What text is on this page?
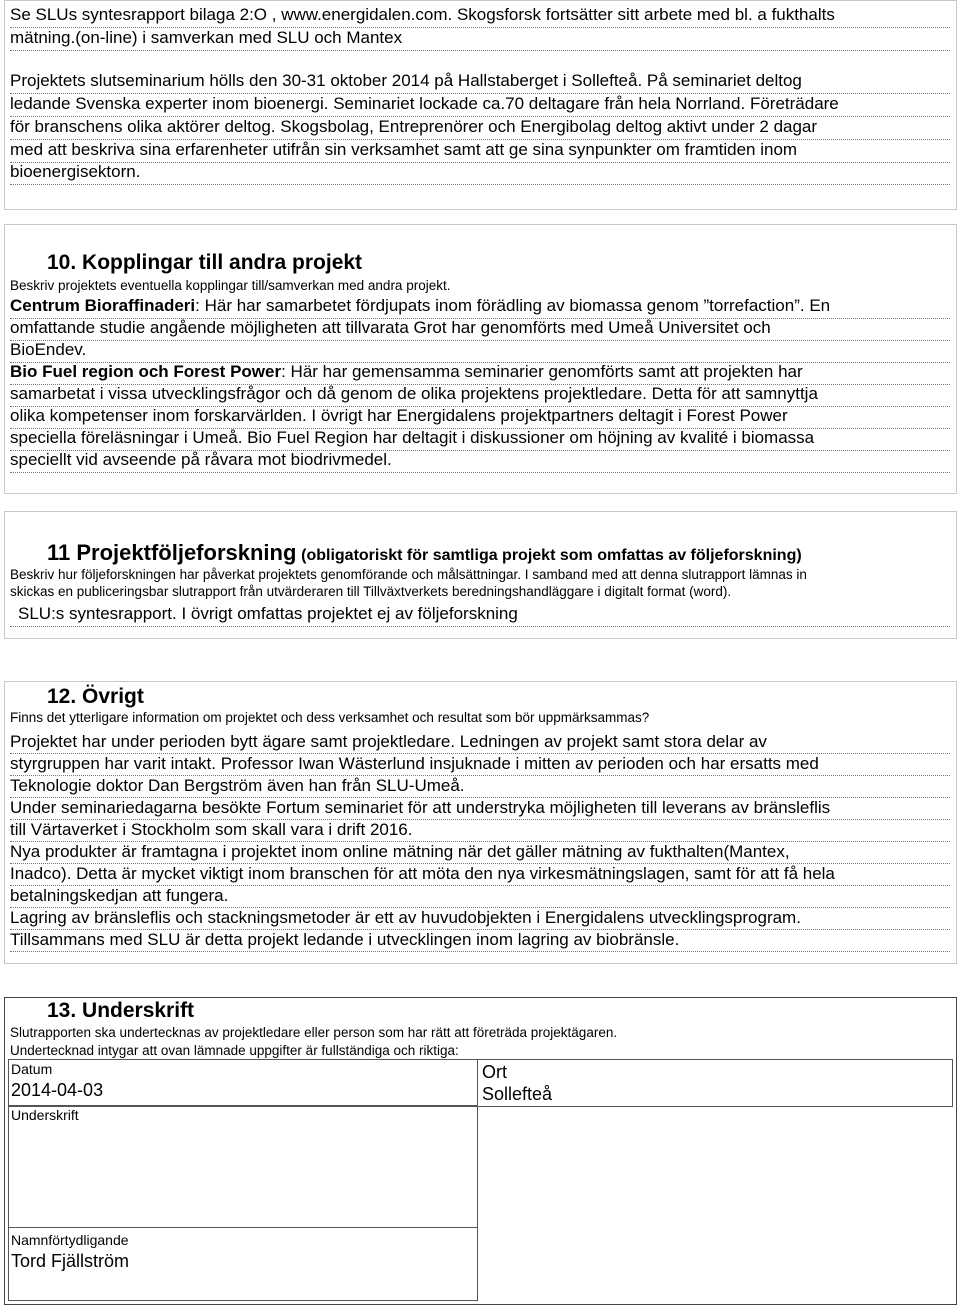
Se SLUs syntesrapport bilaga 2:O , www.energidalen.com. Skogsforsk fortsätter sitt arbete med bl. a fukthalts
mätning.(on-line) i samverkan med SLU och Mantex
Projektets slutseminarium hölls den 30-31 oktober 2014 på Hallstaberget i Sollefteå. På seminariet deltog
ledande Svenska experter inom bioenergi. Seminariet lockade ca.70 deltagare från hela Norrland. Företrädare
för branschens olika aktörer deltog. Skogsbolag, Entreprenörer och Energibolag deltog aktivt under 2 dagar
med att beskriva sina erfarenheter utifrån sin verksamhet samt att ge sina synpunkter om framtiden inom
bioenergisektorn.
10. Kopplingar till andra projekt
Beskriv projektets eventuella kopplingar till/samverkan med andra projekt.
Centrum Bioraffinaderi: Här har samarbetet fördjupats inom förädling av biomassa genom ”torrefaction”. En
omfattande studie angående möjligheten att tillvarata Grot har genomförts med Umeå Universitet och
BioEndev.
Bio Fuel region och Forest Power: Här har gemensamma seminarier genomförts samt att projekten har
samarbetat i vissa utvecklingsfrågor och då genom de olika projektens projektledare. Detta för att samnyttja
olika kompetenser inom forskarvärlden. I övrigt har Energidalens projektpartners deltagit i Forest Power
speciella föreläsningar i Umeå. Bio Fuel Region har deltagit i diskussioner om höjning av kvalité i biomassa
speciellt vid avseende på råvara mot biodrivmedel.
11 Projektföljeforskning (obligatoriskt för samtliga projekt som omfattas av följeforskning)
Beskriv hur följeforskningen har påverkat projektets genomförande och målsättningar. I samband med att denna slutrapport lämnas in
skickas en publiceringsbar slutrapport från utvärderaren till Tillväxtverkets beredningshandläggare i digitalt format (word).
SLU:s syntesrapport. I övrigt omfattas projektet ej av följeforskning
12. Övrigt
Finns det ytterligare information om projektet och dess verksamhet och resultat som bör uppmärksammas?
Projektet har under perioden bytt ägare samt projektledare. Ledningen av projekt samt stora delar av
styrgruppen har varit intakt. Professor Iwan Wästerlund insjuknade i mitten av perioden och har ersatts med
Teknologie doktor Dan Bergström även han från SLU-Umeå.
Under seminariedagarna besökte Fortum seminariet för att understryka möjligheten till leverans av bränsleflis
till Värtaverket i Stockholm som skall vara i drift 2016.
Nya produkter är framtagna i projektet inom online mätning när det gäller mätning av fukthalten(Mantex,
Inadco). Detta är mycket viktigt inom branschen för att möta den nya virkesmätningslagen, samt för att få hela
betalningskedjan att fungera.
Lagring av bränsleflis och stackningsmetoder är ett av huvudobjekten i Energidalens utvecklingsprogram.
Tillsammans med SLU är detta projekt ledande i utvecklingen inom lagring av biobränsle.
13. Underskrift
Slutrapporten ska undertecknas av projektledare eller person som har rätt att företräda projektägaren.
Undertecknad intygar att ovan lämnade uppgifter är fullständiga och riktiga:
Datum
2014-04-03
Ort
Sollefteå
Underskrift
Namnförtydligande
Tord Fjällström
